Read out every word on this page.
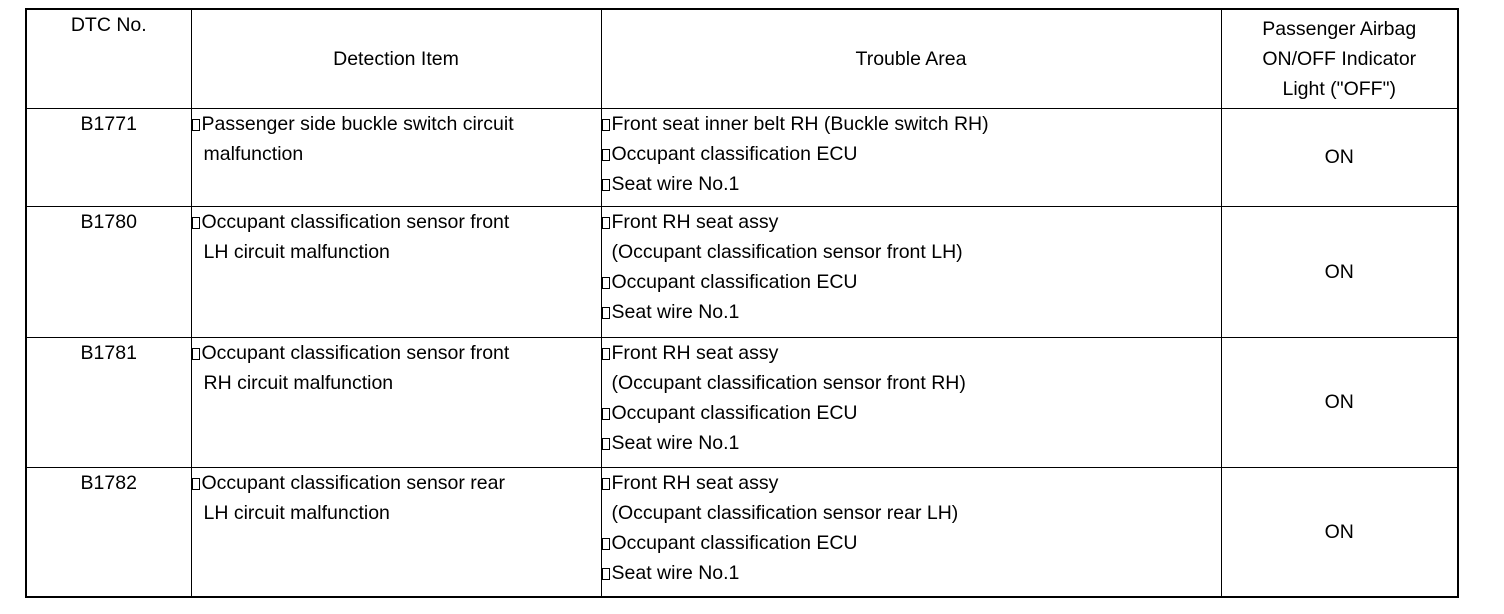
DTC No.	Detection Item	Trouble Area	Passenger Airbag
ON/OFF Indicator
Light ("OFF")

B1771	Passenger side buckle switch circuit
malfunction	Front seat inner belt RH (Buckle switch RH)
Occupant classification ECU
Seat wire No.1	ON
B1780	Occupant classification sensor front
LH circuit malfunction	Front RH seat assy
(Occupant classification sensor front LH)
Occupant classification ECU
Seat wire No.1	ON
B1781	Occupant classification sensor front
RH circuit malfunction	Front RH seat assy
(Occupant classification sensor front RH)
Occupant classification ECU
Seat wire No.1	ON
B1782	Occupant classification sensor rear
LH circuit malfunction	Front RH seat assy
(Occupant classification sensor rear LH)
Occupant classification ECU
Seat wire No.1	ON
